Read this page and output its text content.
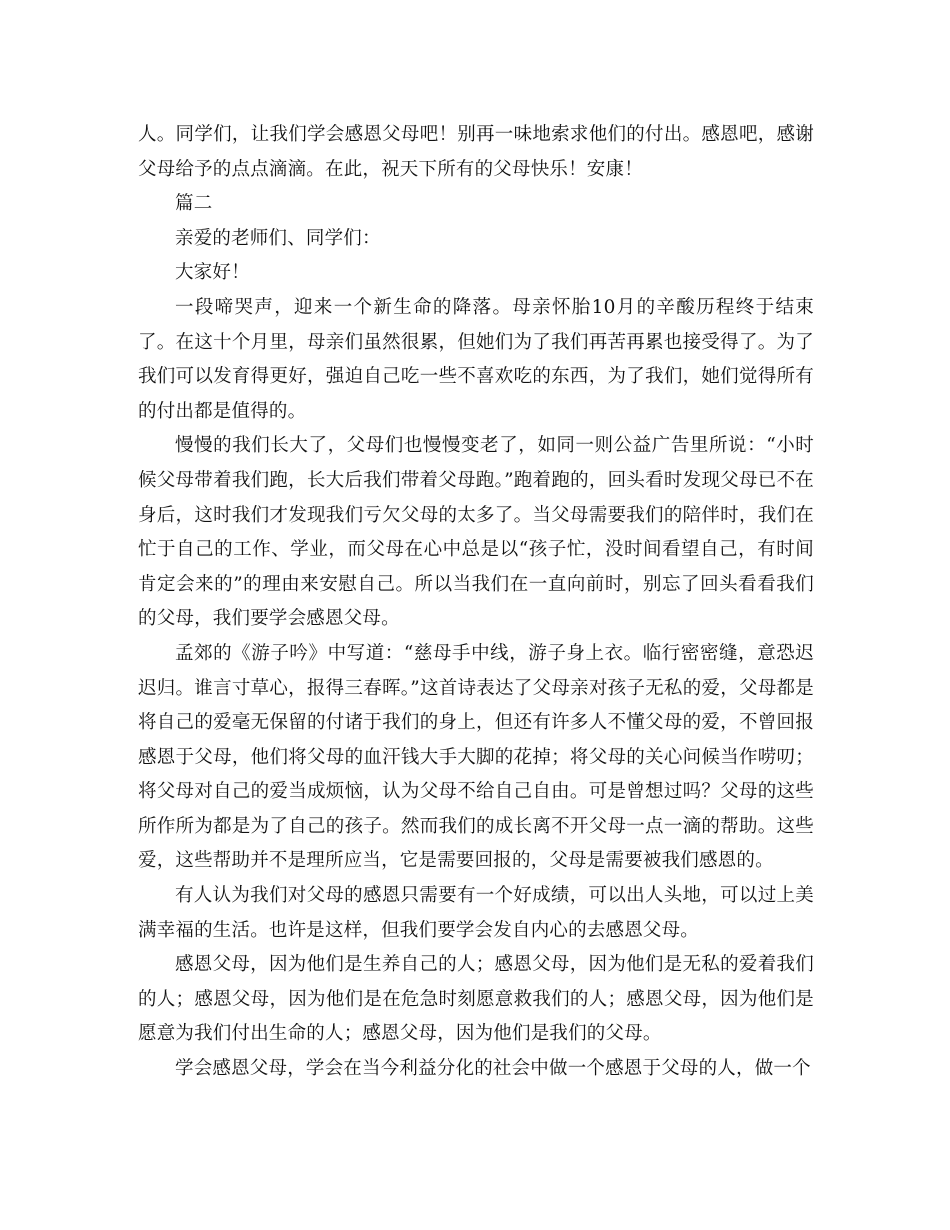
人。同学们，让我们学会感恩父母吧！别再一味地索求他们的付出。感恩吧，感谢父母给予的点点滴滴。在此，祝天下所有的父母快乐！安康！

篇二

亲爱的老师们、同学们：

大家好！

一段啼哭声，迎来一个新生命的降落。母亲怀胎10月的辛酸历程终于结束了。在这十个月里，母亲们虽然很累，但她们为了我们再苦再累也接受得了。为了我们可以发育得更好，强迫自己吃一些不喜欢吃的东西，为了我们，她们觉得所有的付出都是值得的。

慢慢的我们长大了，父母们也慢慢变老了，如同一则公益广告里所说：“小时候父母带着我们跑，长大后我们带着父母跑。”跑着跑的，回头看时发现父母已不在身后，这时我们才发现我们亏欠父母的太多了。当父母需要我们的陪伴时，我们在忙于自己的工作、学业，而父母在心中总是以“孩子忙，没时间看望自己，有时间肯定会来的”的理由来安慰自己。所以当我们在一直向前时，别忘了回头看看我们的父母，我们要学会感恩父母。

孟郊的《游子吟》中写道：“慈母手中线，游子身上衣。临行密密缝，意恐迟迟归。谁言寸草心，报得三春晖。”这首诗表达了父母亲对孩子无私的爱，父母都是将自己的爱毫无保留的付诸于我们的身上，但还有许多人不懂父母的爱，不曾回报感恩于父母，他们将父母的血汗钱大手大脚的花掉；将父母的关心问候当作唠叨；将父母对自己的爱当成烦恼，认为父母不给自己自由。可是曾想过吗？父母的这些所作所为都是为了自己的孩子。然而我们的成长离不开父母一点一滴的帮助。这些爱，这些帮助并不是理所应当，它是需要回报的，父母是需要被我们感恩的。

有人认为我们对父母的感恩只需要有一个好成绩，可以出人头地，可以过上美满幸福的生活。也许是这样，但我们要学会发自内心的去感恩父母。

感恩父母，因为他们是生养自己的人；感恩父母，因为他们是无私的爱着我们的人；感恩父母，因为他们是在危急时刻愿意救我们的人；感恩父母，因为他们是愿意为我们付出生命的人；感恩父母，因为他们是我们的父母。

学会感恩父母，学会在当今利益分化的社会中做一个感恩于父母的人，做一个
